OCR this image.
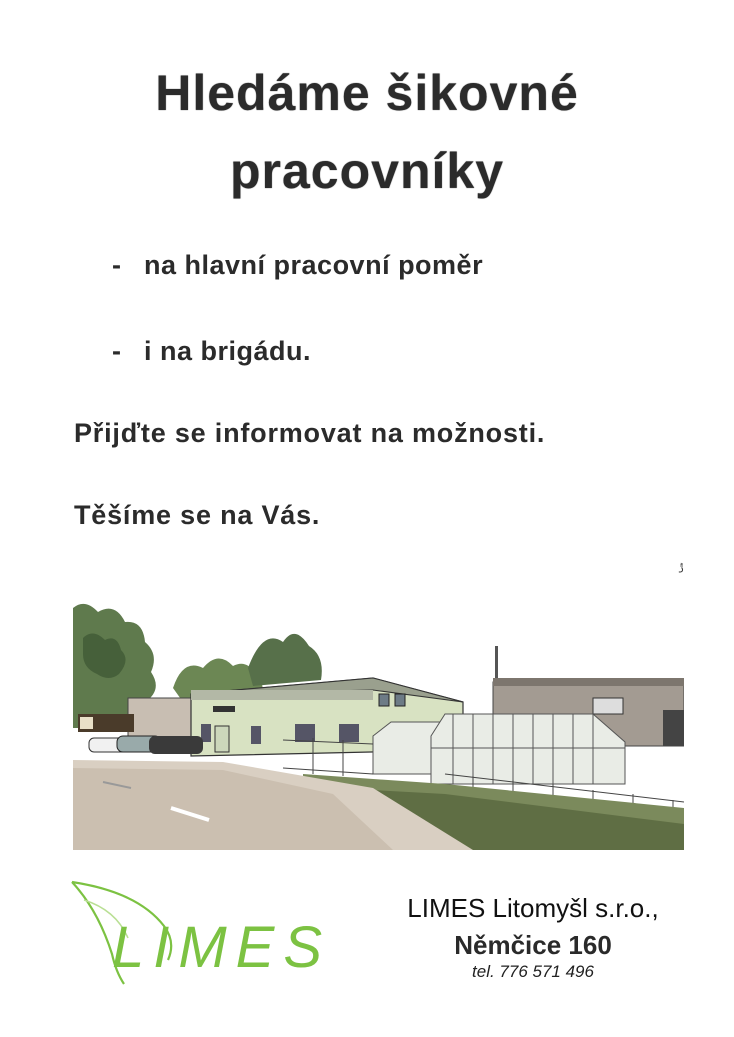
Hledáme šikovné
pracovníky
- na hlavní pracovní poměr
- i na brigádu.
Přijďte se informovat na možnosti.
Těšíme se na Vás.
ݱ
LIMES
LIMES Litomyšl s.r.o.,
Němčice 160
tel. 776 571 496
